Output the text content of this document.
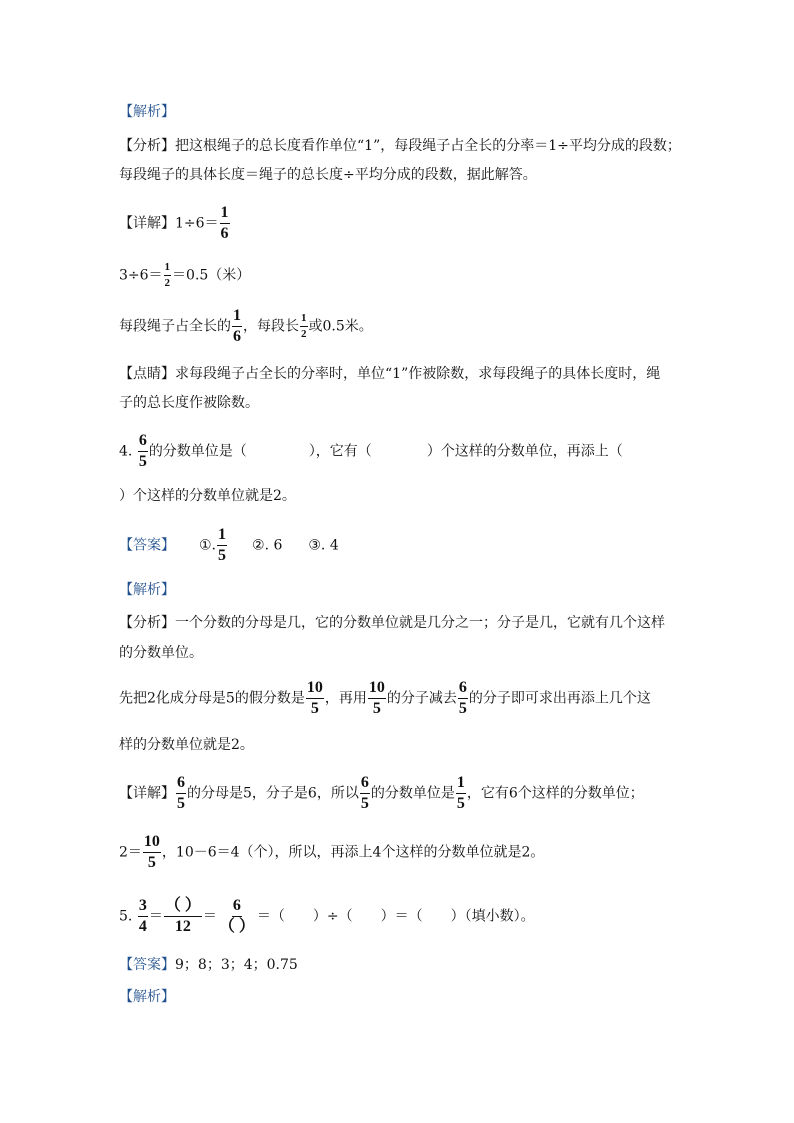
【解析】
【分析】把这根绳子的总长度看作单位“1”，每段绳子占全长的分率＝1÷平均分成的段数；
每段绳子的具体长度＝绳子的总长度÷平均分成的段数，据此解答。
【详解】$1\div 6= \frac{1}{6}$
$3\div 6= \frac{1}{2} =0.5$（米）
每段绳子占全长的 $\frac{1}{6}$ ，每段长 $\frac{1}{2}$ 或0.5米。
【点睛】求每段绳子占全长的分率时，单位“1”作被除数，求每段绳子的具体长度时，绳
子的总长度作被除数。
4. $\frac{6}{5}$ 的分数单位是（	），它有（	）个这样的分数单位，再添上（
）个这样的分数单位就是2。
【答案】 ①. $\frac{1}{5}$ ②. 6 ③. 4
【解析】
【分析】一个分数的分母是几，它的分数单位就是几分之一；分子是几，它就有几个这样
的分数单位。
先把2化成分母是5的假分数是 $\frac{10}{5}$ ，再用 $\frac{10}{5}$ 的分子减去 $\frac{6}{5}$ 的分子即可求出再添上几个这
样的分数单位就是2。
【详解】 $\frac{6}{5}$ 的分母是5，分子是6，所以 $\frac{6}{5}$ 的分数单位是 $\frac{1}{5}$ ，它有6个这样的分数单位；
$2= \frac{10}{5}$ ，10－6＝4（个），所以，再添上4个这样的分数单位就是2。
5. $\frac{3}{4} = \frac{( )}{12} = \frac{6}{( )}$ ＝（　　）÷（　　）＝（　　）（填小数）。
【答案】9；8；3；4；0.75
【解析】
